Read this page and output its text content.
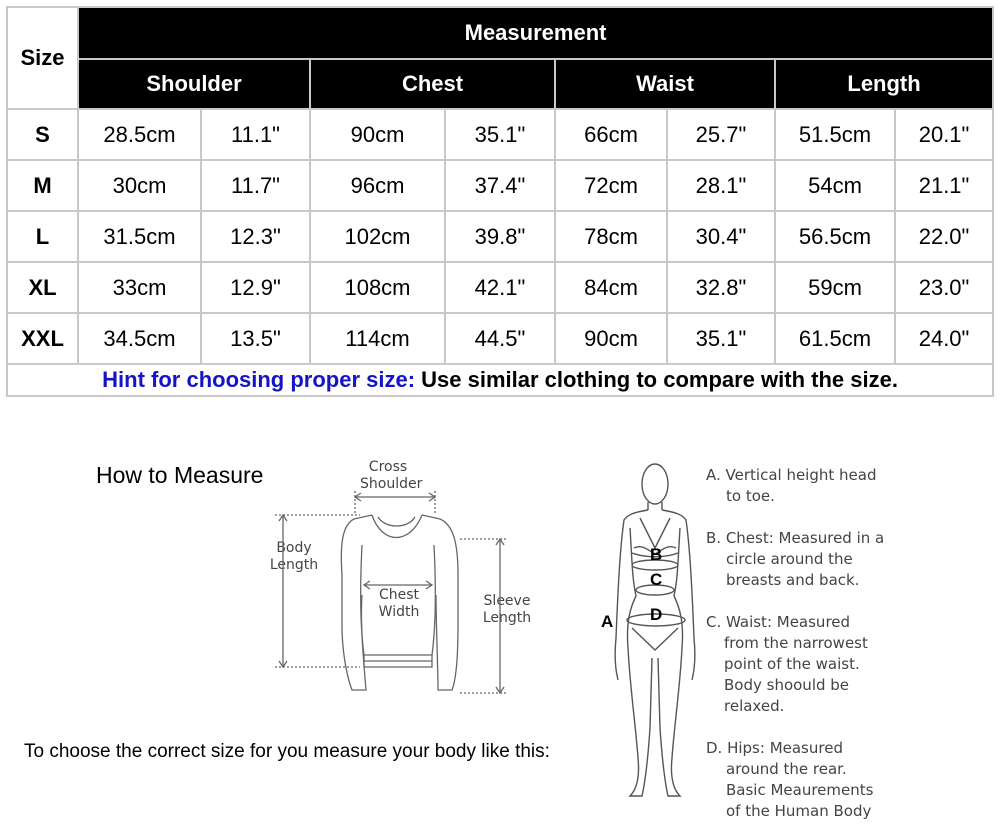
Size	Measurement							
	Shoulder		Chest		Waist		Length	
S	28.5cm	11.1"	90cm	35.1"	66cm	25.7"	51.5cm	20.1"
M	30cm	11.7"	96cm	37.4"	72cm	28.1"	54cm	21.1"
L	31.5cm	12.3"	102cm	39.8"	78cm	30.4"	56.5cm	22.0"
XL	33cm	12.9"	108cm	42.1"	84cm	32.8"	59cm	23.0"
XXL	34.5cm	13.5"	114cm	44.5"	90cm	35.1"	61.5cm	24.0"
Hint for choosing proper size: Use similar clothing to compare with the size.								
How to Measure	Cross
Shoulder
Body
Length
Chest
Width
Sleeve
Length
To choose the correct size for you measure your body like this:
B
C
D
A
A. Vertical height head
to toe.
B. Chest: Measured in a
circle around the
breasts and back.
C. Waist: Measured
from the narrowest
point of the waist.
Body shoould be
relaxed.
D. Hips: Measured
around the rear.
Basic Meaurements
of the Human Body
